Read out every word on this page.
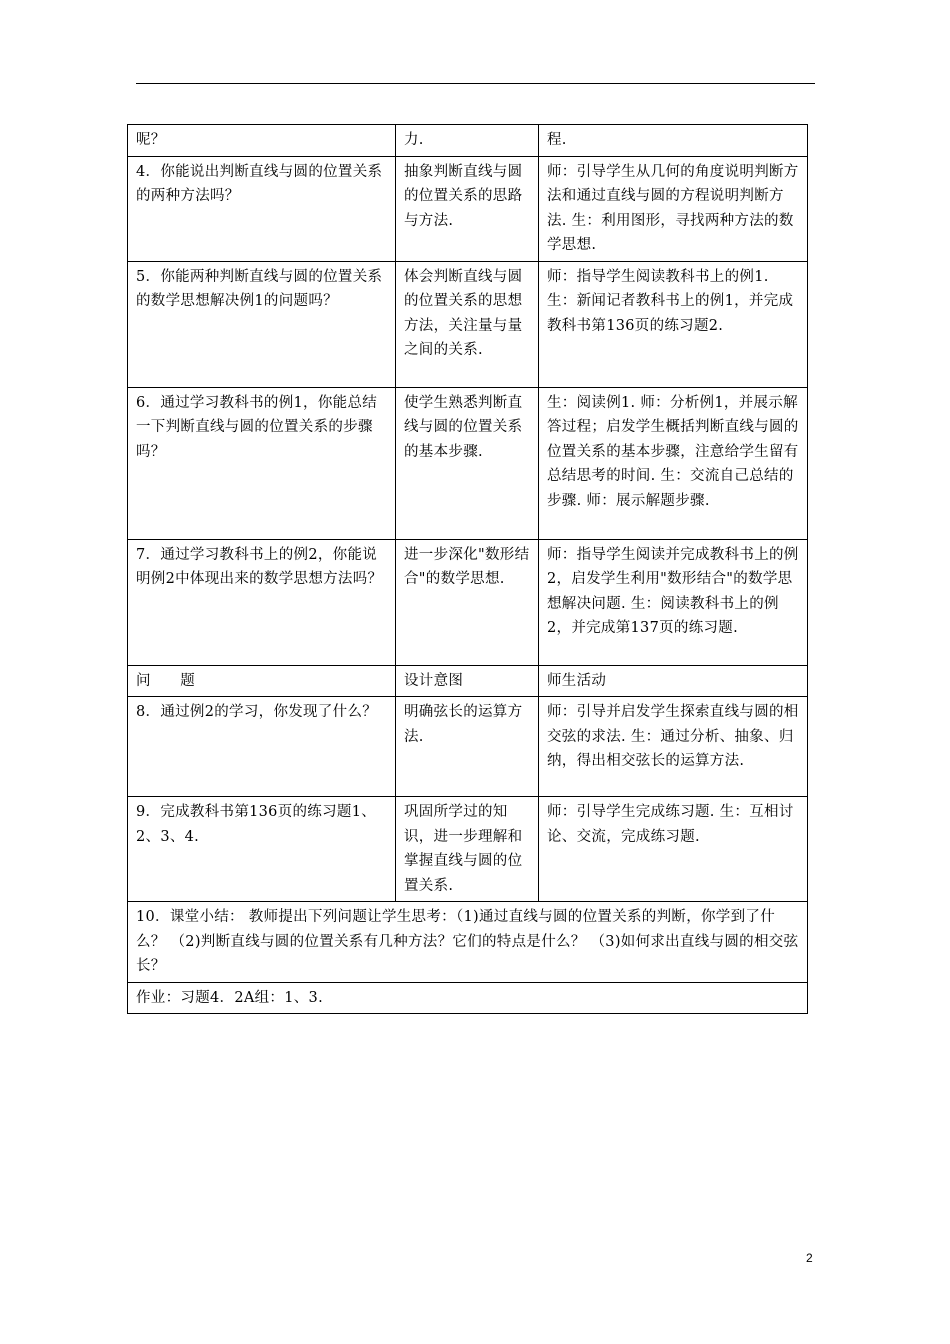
呢？	力.	程.
4．你能说出判断直线与圆的位置关系的两种方法吗？	抽象判断直线与圆的位置关系的思路与方法.	师：引导学生从几何的角度说明判断方法和通过直线与圆的方程说明判断方法. 生：利用图形，寻找两种方法的数学思想.
5．你能两种判断直线与圆的位置关系的数学思想解决例1的问题吗？	体会判断直线与圆的位置关系的思想方法，关注量与量之间的关系.	师：指导学生阅读教科书上的例1. 生：新闻记者教科书上的例1，并完成教科书第136页的练习题2.
6．通过学习教科书的例1，你能总结一下判断直线与圆的位置关系的步骤吗？	使学生熟悉判断直线与圆的位置关系的基本步骤.	生：阅读例1. 师：分析例1，并展示解答过程；启发学生概括判断直线与圆的位置关系的基本步骤，注意给学生留有总结思考的时间. 生：交流自己总结的步骤. 师：展示解题步骤.
7．通过学习教科书上的例2，你能说明例2中体现出来的数学思想方法吗？	进一步深化"数形结合"的数学思想.	师：指导学生阅读并完成教科书上的例2，启发学生利用"数形结合"的数学思想解决问题. 生：阅读教科书上的例2，并完成第137页的练习题.
问      题	设计意图	师生活动
8．通过例2的学习，你发现了什么？	明确弦长的运算方法.	师：引导并启发学生探索直线与圆的相交弦的求法. 生：通过分析、抽象、归纳，得出相交弦长的运算方法.
9．完成教科书第136页的练习题1、2、3、4.	巩固所学过的知识，进一步理解和掌握直线与圆的位置关系.	师：引导学生完成练习题. 生：互相讨论、交流，完成练习题.
10．课堂小结： 教师提出下列问题让学生思考：（1)通过直线与圆的位置关系的判断，你学到了什么？ （2)判断直线与圆的位置关系有几种方法？它们的特点是什么？ （3)如何求出直线与圆的相交弦长？		
作业：习题4．2A组：1、3.		
2
